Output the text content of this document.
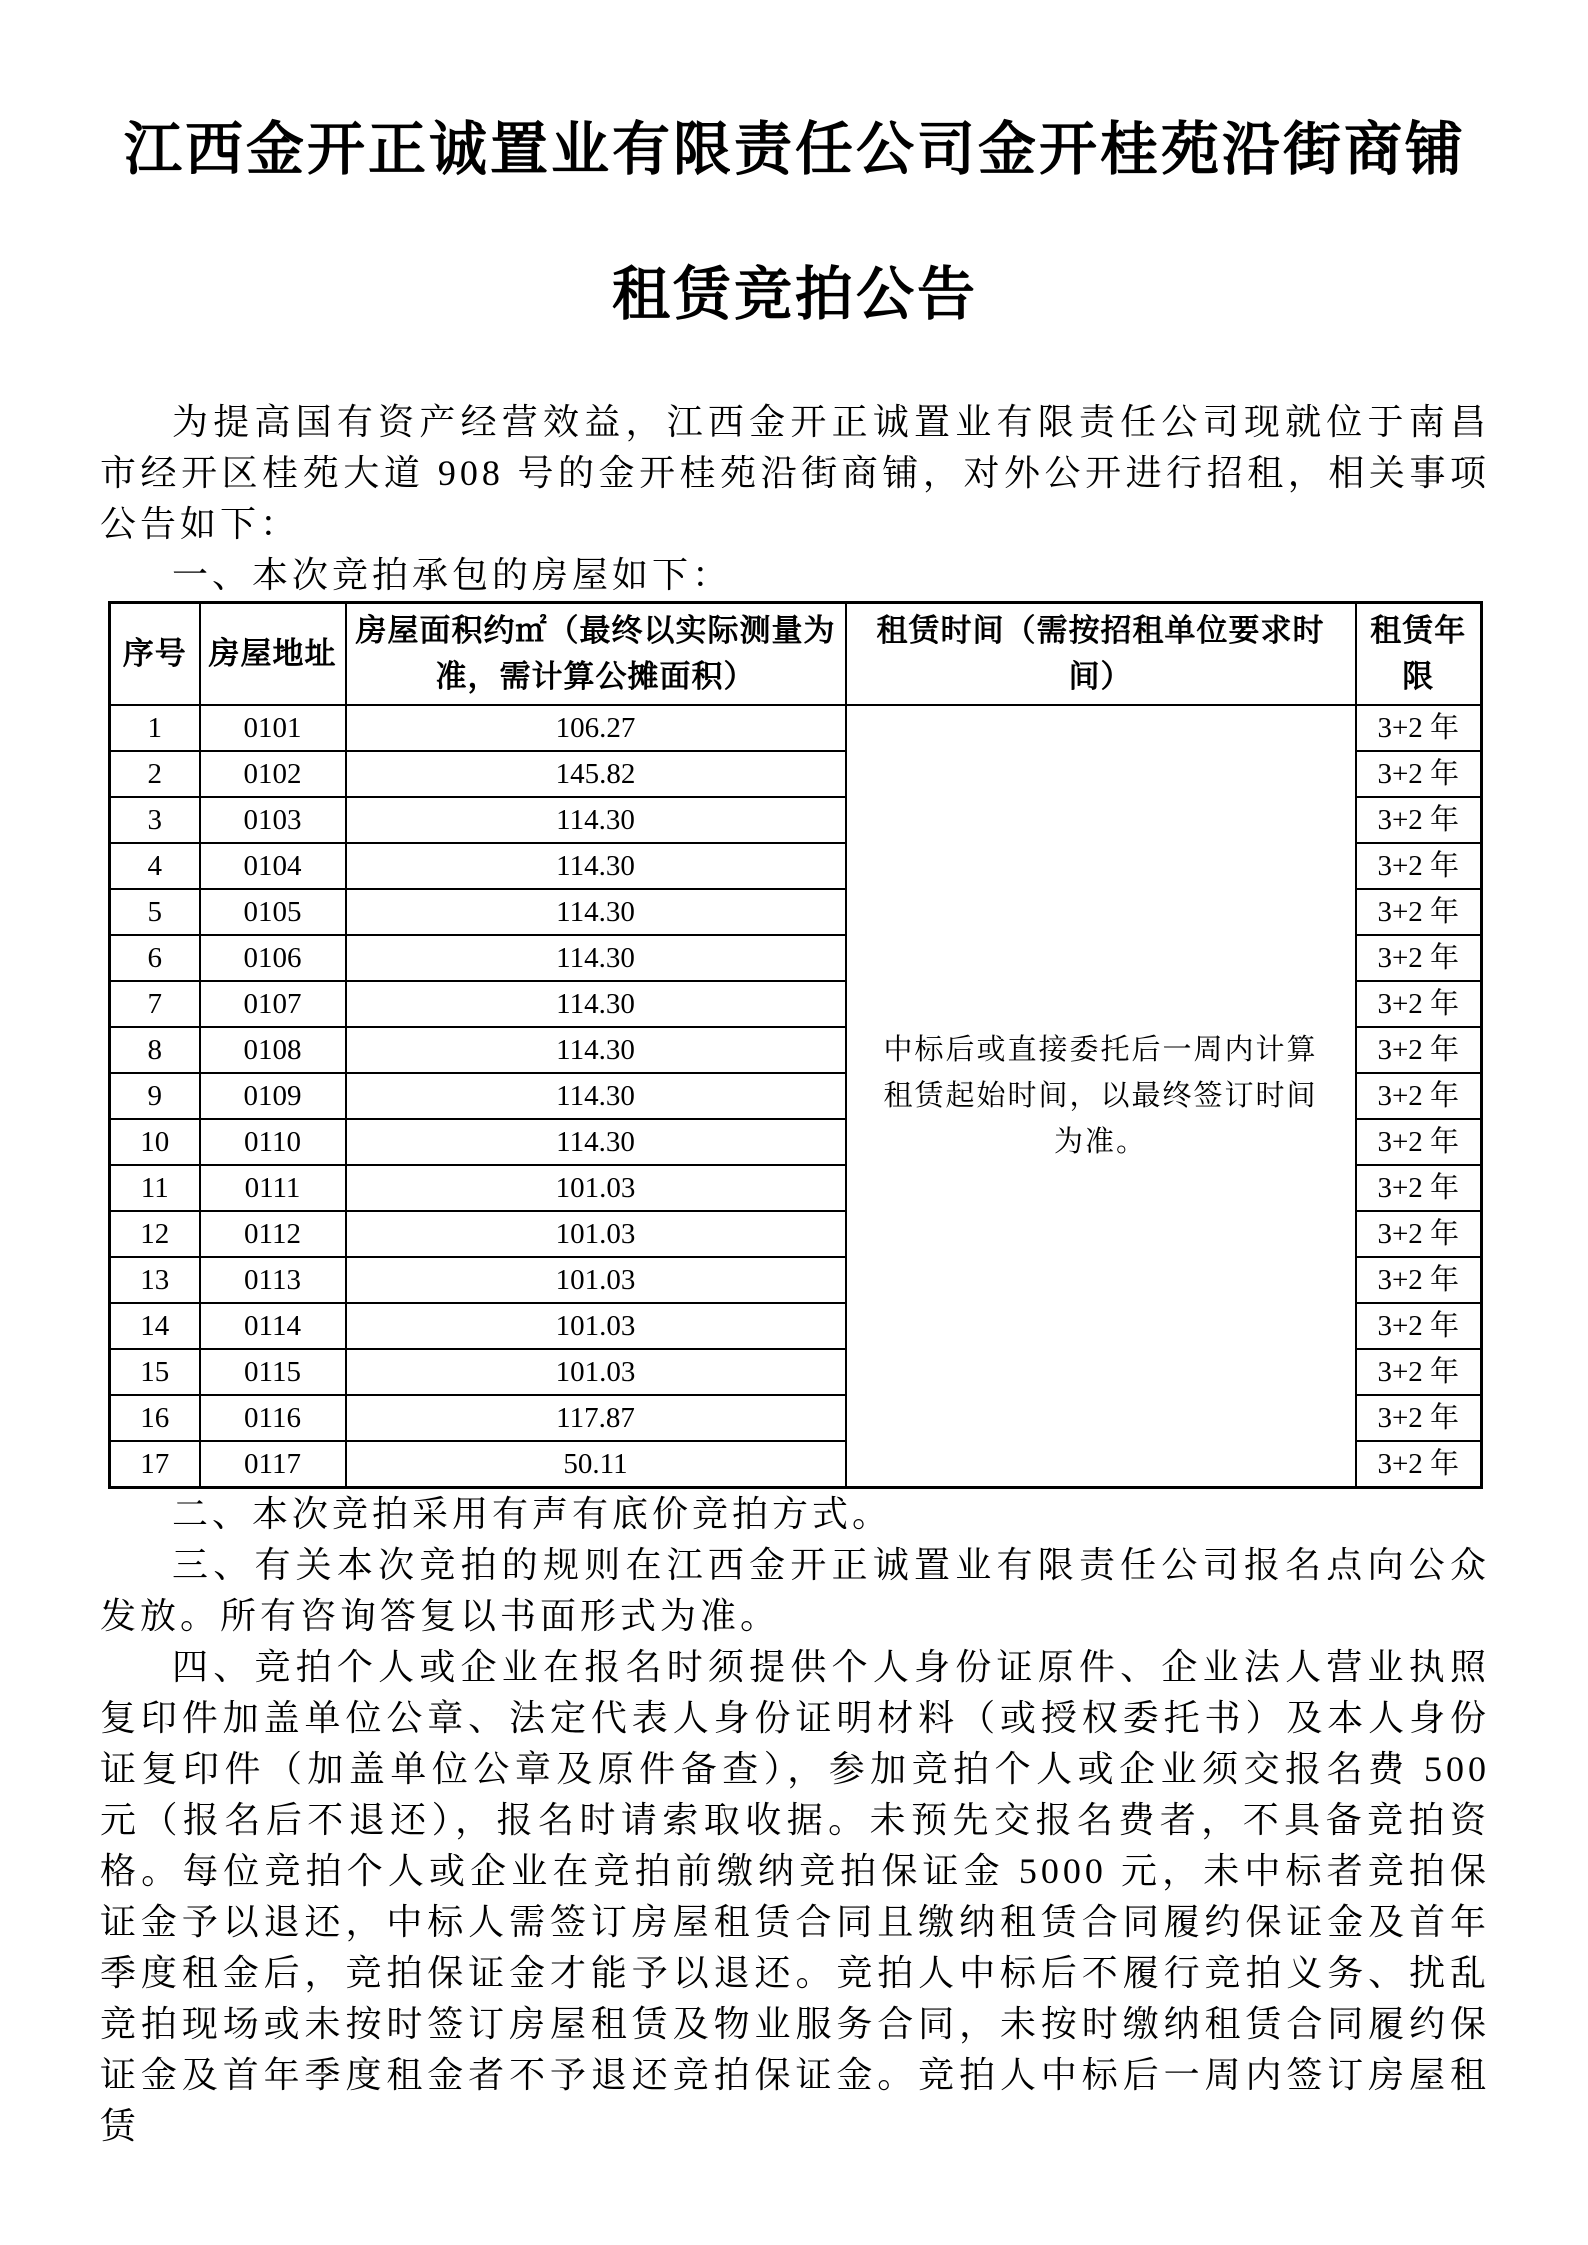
江西金开正诚置业有限责任公司金开桂苑沿街商铺租赁竞拍公告

为提高国有资产经营效益，江西金开正诚置业有限责任公司现就位于南昌市经开区桂苑大道 908 号的金开桂苑沿街商铺，对外公开进行招租，相关事项公告如下：

一、本次竞拍承包的房屋如下：

序号	房屋地址	房屋面积约㎡（最终以实际测量为准，需计算公摊面积）	租赁时间（需按招租单位要求时间）	租赁年限
1	0101	106.27	中标后或直接委托后一周内计算租赁起始时间，以最终签订时间为准。	3+2 年
2	0102	145.82		3+2 年
3	0103	114.30		3+2 年
4	0104	114.30		3+2 年
5	0105	114.30		3+2 年
6	0106	114.30		3+2 年
7	0107	114.30		3+2 年
8	0108	114.30		3+2 年
9	0109	114.30		3+2 年
10	0110	114.30		3+2 年
11	0111	101.03		3+2 年
12	0112	101.03		3+2 年
13	0113	101.03		3+2 年
14	0114	101.03		3+2 年
15	0115	101.03		3+2 年
16	0116	117.87		3+2 年
17	0117	50.11		3+2 年

二、本次竞拍采用有声有底价竞拍方式。

三、有关本次竞拍的规则在江西金开正诚置业有限责任公司报名点向公众发放。所有咨询答复以书面形式为准。

四、竞拍个人或企业在报名时须提供个人身份证原件、企业法人营业执照复印件加盖单位公章、法定代表人身份证明材料（或授权委托书）及本人身份证复印件（加盖单位公章及原件备查），参加竞拍个人或企业须交报名费 500 元（报名后不退还），报名时请索取收据。未预先交报名费者，不具备竞拍资格。每位竞拍个人或企业在竞拍前缴纳竞拍保证金 5000 元，未中标者竞拍保证金予以退还，中标人需签订房屋租赁合同且缴纳租赁合同履约保证金及首年季度租金后，竞拍保证金才能予以退还。竞拍人中标后不履行竞拍义务、扰乱竞拍现场或未按时签订房屋租赁及物业服务合同，未按时缴纳租赁合同履约保证金及首年季度租金者不予退还竞拍保证金。竞拍人中标后一周内签订房屋租赁
